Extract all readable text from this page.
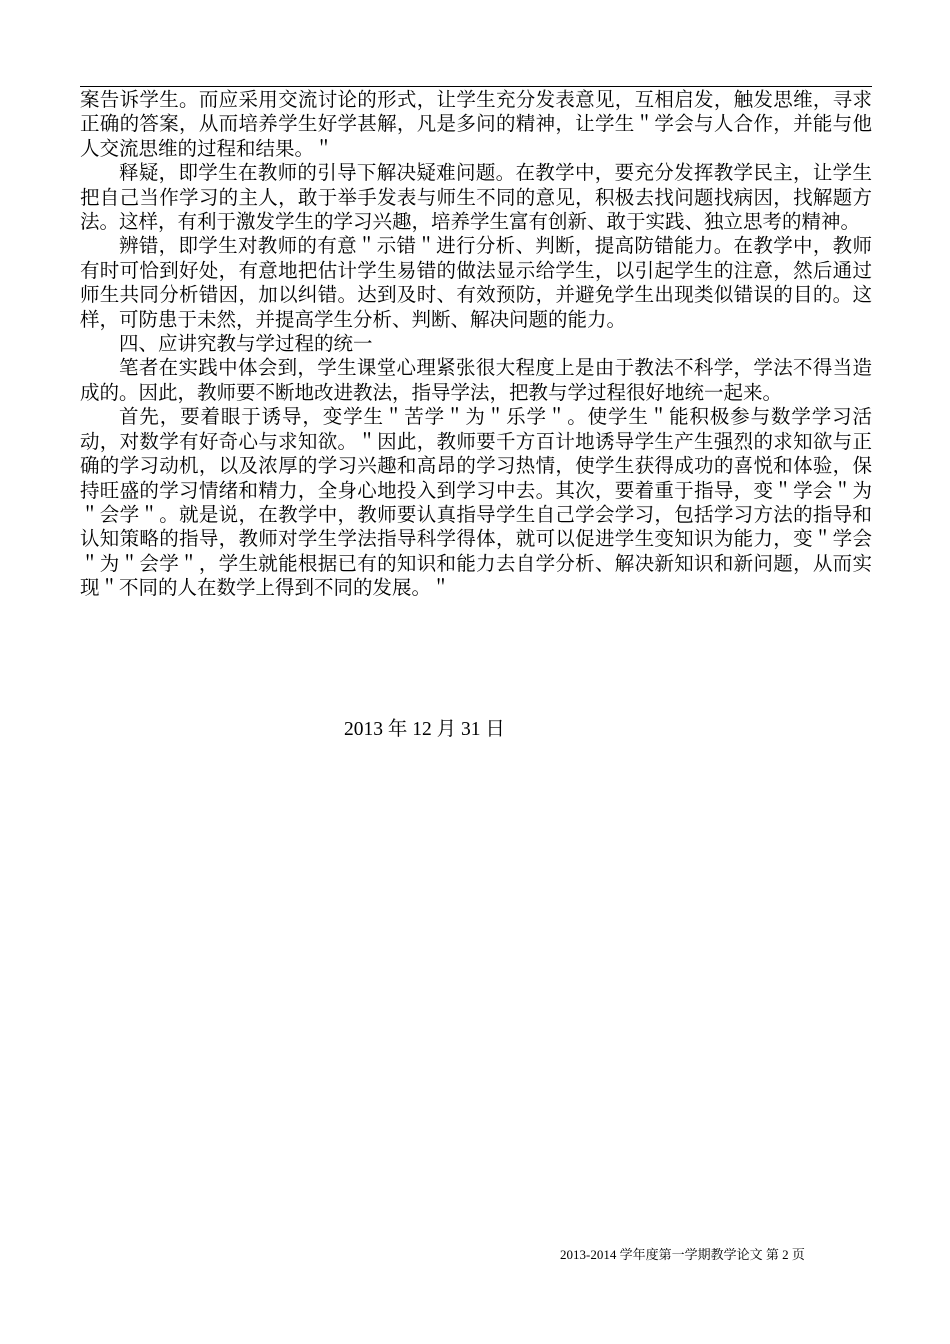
案告诉学生。而应采用交流讨论的形式，让学生充分发表意见，互相启发，触发思维，寻求正确的答案，从而培养学生好学甚解，凡是多问的精神，让学生＂学会与人合作，并能与他人交流思维的过程和结果。＂

释疑，即学生在教师的引导下解决疑难问题。在教学中，要充分发挥教学民主，让学生把自己当作学习的主人，敢于举手发表与师生不同的意见，积极去找问题找病因，找解题方法。这样，有利于激发学生的学习兴趣，培养学生富有创新、敢于实践、独立思考的精神。

辨错，即学生对教师的有意＂示错＂进行分析、判断，提高防错能力。在教学中，教师有时可恰到好处，有意地把估计学生易错的做法显示给学生，以引起学生的注意，然后通过师生共同分析错因，加以纠错。达到及时、有效预防，并避免学生出现类似错误的目的。这样，可防患于未然，并提高学生分析、判断、解决问题的能力。

四、应讲究教与学过程的统一

笔者在实践中体会到，学生课堂心理紧张很大程度上是由于教法不科学，学法不得当造成的。因此，教师要不断地改进教法，指导学法，把教与学过程很好地统一起来。

首先，要着眼于诱导，变学生＂苦学＂为＂乐学＂。使学生＂能积极参与数学学习活动，对数学有好奇心与求知欲。＂因此，教师要千方百计地诱导学生产生强烈的求知欲与正确的学习动机，以及浓厚的学习兴趣和高昂的学习热情，使学生获得成功的喜悦和体验，保持旺盛的学习情绪和精力，全身心地投入到学习中去。其次，要着重于指导，变＂学会＂为＂会学＂。就是说，在教学中，教师要认真指导学生自己学会学习，包括学习方法的指导和认知策略的指导，教师对学生学法指导科学得体，就可以促进学生变知识为能力，变＂学会＂为＂会学＂，学生就能根据已有的知识和能力去自学分析、解决新知识和新问题，从而实现＂不同的人在数学上得到不同的发展。＂

2013 年 12 月 31 日
2013-2014 学年度第一学期教学论文 第 2 页
